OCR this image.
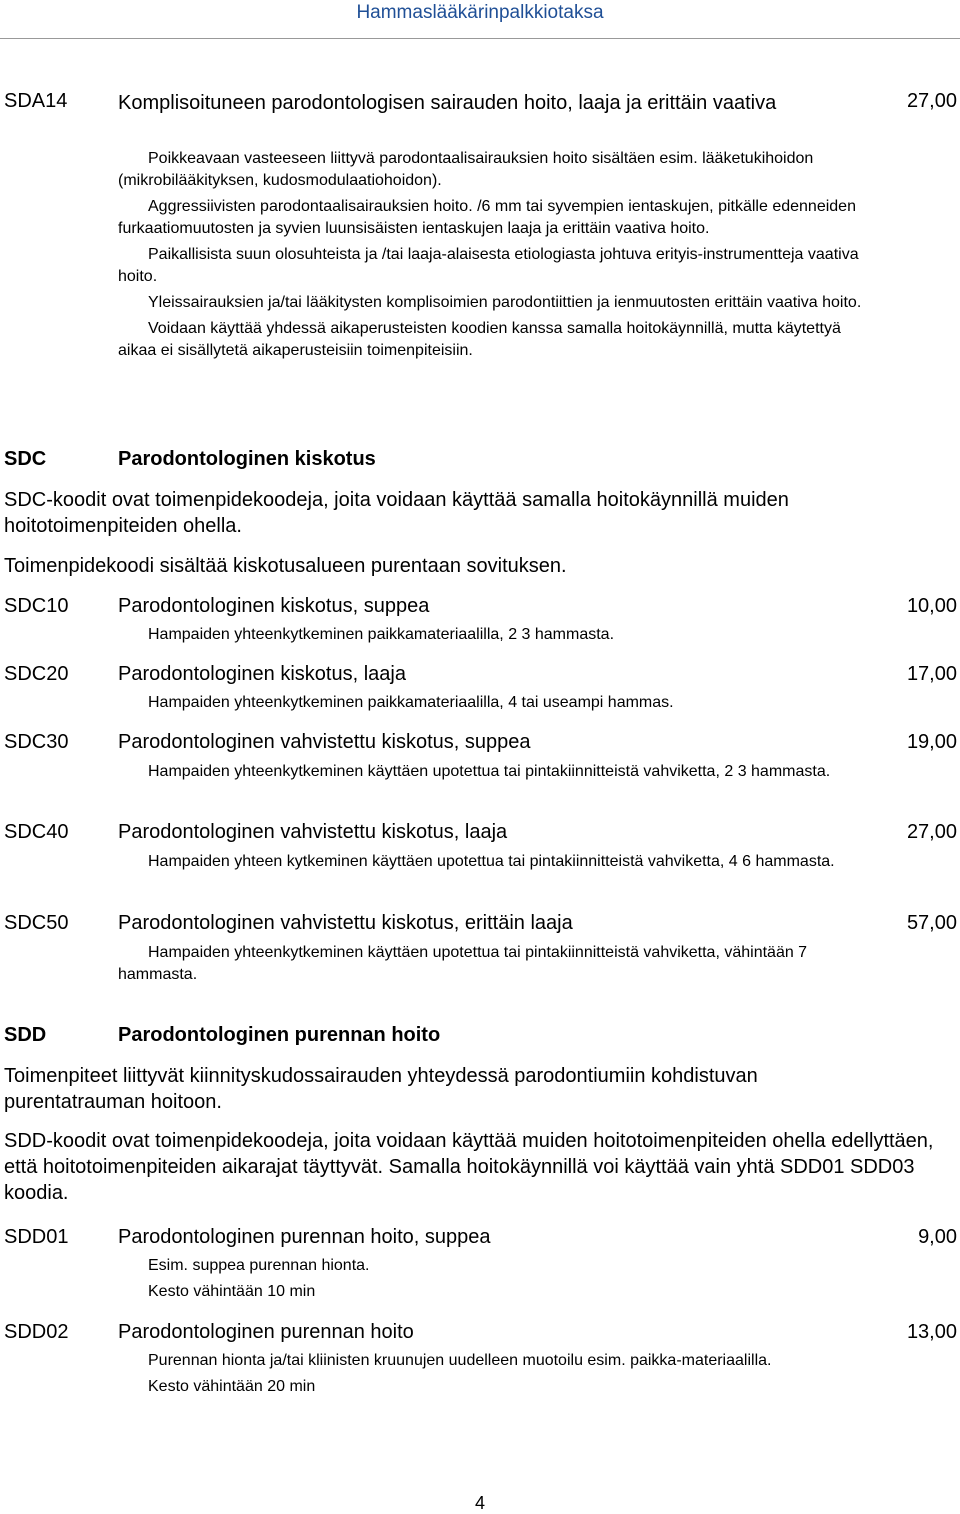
Hammaslääkärinpalkkiotaksa
SDA14	Komplisoituneen parodontologisen sairauden hoito, laaja ja erittäin vaativa	27,00

Poikkeavaan vasteeseen liittyvä parodontaalisairauksien hoito sisältäen esim. lääketukihoidon (mikrobilääkityksen, kudosmodulaatiohoidon).

Aggressiivisten parodontaalisairauksien hoito. /6 mm tai syvempien ientaskujen, pitkälle edenneiden furkaatiomuutosten ja syvien luunsisäisten ientaskujen laaja ja erittäin vaativa hoito.

Paikallisista suun olosuhteista ja /tai laaja-alaisesta etiologiasta johtuva erityis-instrumentteja vaativa hoito.

Yleissairauksien ja/tai lääkitysten komplisoimien parodontiittien ja ienmuutosten erittäin vaativa hoito.

Voidaan käyttää yhdessä aikaperusteisten koodien kanssa samalla hoitokäynnillä, mutta käytettyä aikaa ei sisällytetä aikaperusteisiin toimenpiteisiin.

SDC	Parodontologinen kiskotus
SDC-koodit ovat toimenpidekoodeja, joita voidaan käyttää samalla hoitokäynnillä muiden hoitotoimenpiteiden ohella.
Toimenpidekoodi sisältää kiskotusalueen purentaan sovituksen.
SDC10 Parodontologinen kiskotus, suppea	10,00

Hampaiden yhteenkytkeminen paikkamateriaalilla, 2 3 hammasta.

SDC20 Parodontologinen kiskotus, laaja	17,00

Hampaiden yhteenkytkeminen paikkamateriaalilla, 4 tai useampi hammas.

SDC30 Parodontologinen vahvistettu kiskotus, suppea	19,00

Hampaiden yhteenkytkeminen käyttäen upotettua tai pintakiinnitteistä vahviketta, 2 3 hammasta.

SDC40 Parodontologinen vahvistettu kiskotus, laaja	27,00

Hampaiden yhteen kytkeminen käyttäen upotettua tai pintakiinnitteistä vahviketta, 4 6 hammasta.

SDC50 Parodontologinen vahvistettu kiskotus, erittäin laaja	57,00

Hampaiden yhteenkytkeminen käyttäen upotettua tai pintakiinnitteistä vahviketta, vähintään 7 hammasta.

SDD	Parodontologinen purennan hoito
Toimenpiteet liittyvät kiinnityskudossairauden yhteydessä parodontiumiin kohdistuvan purentatrauman hoitoon.
SDD-koodit ovat toimenpidekoodeja, joita voidaan käyttää muiden hoitotoimenpiteiden ohella edellyttäen, että hoitotoimenpiteiden aikarajat täyttyvät. Samalla hoitokäynnillä voi käyttää vain yhtä SDD01 SDD03 koodia.
SDD01 Parodontologinen purennan hoito, suppea	9,00

Esim. suppea purennan hionta.

Kesto vähintään 10 min

SDD02 Parodontologinen purennan hoito	13,00

Purennan hionta ja/tai kliinisten kruunujen uudelleen muotoilu esim. paikka-materiaalilla.

Kesto vähintään 20 min

4
